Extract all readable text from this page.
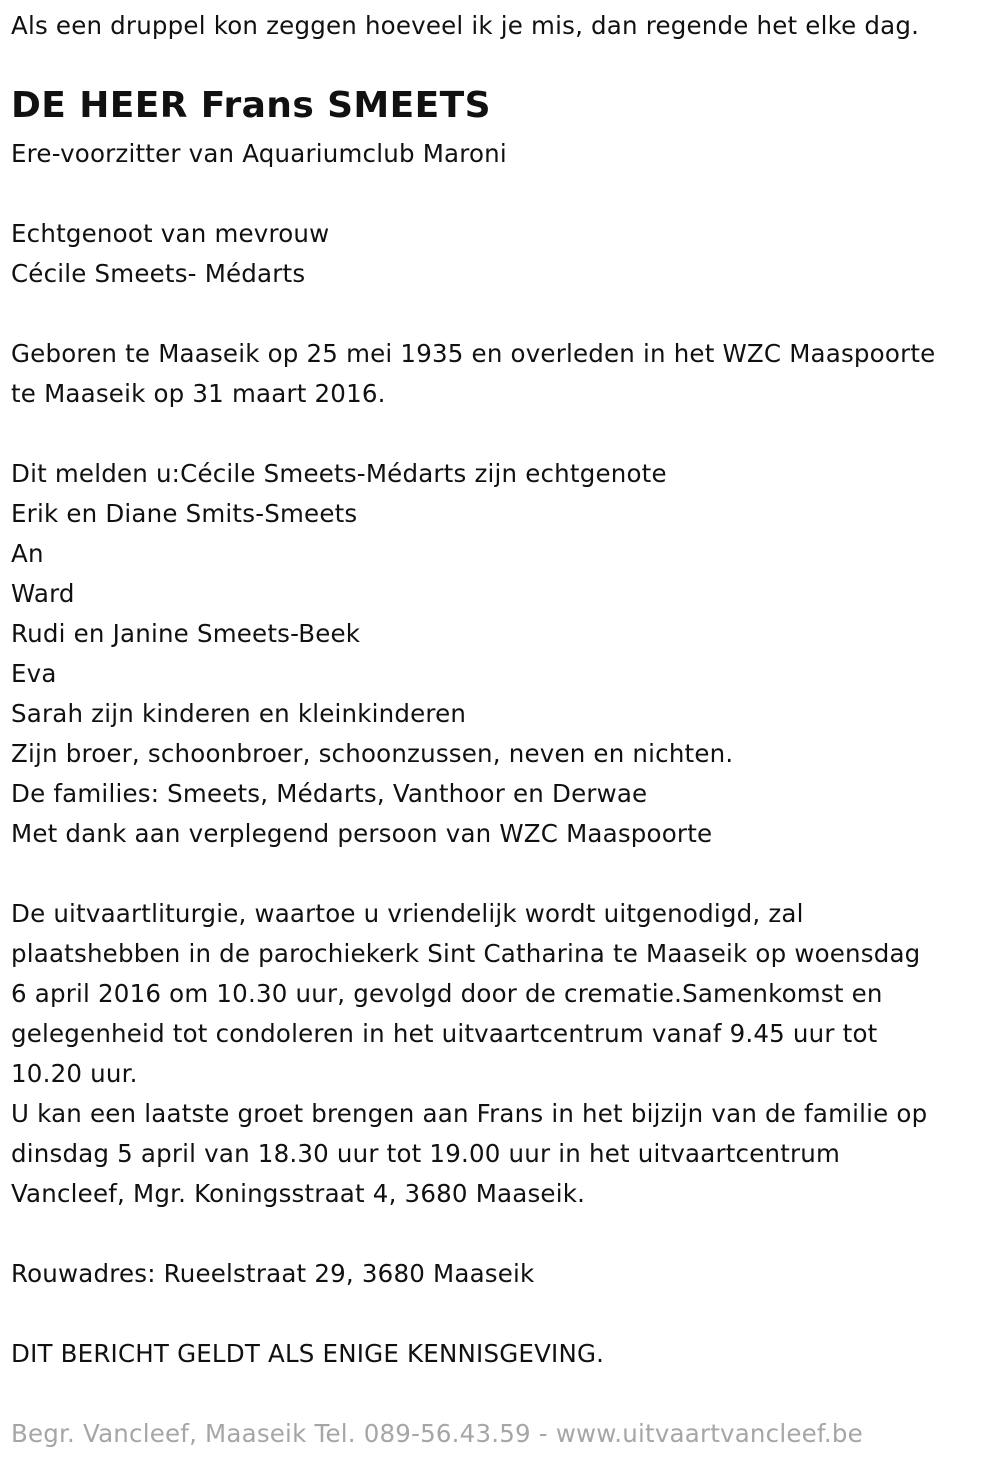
Als een druppel kon zeggen hoeveel ik je mis, dan regende het elke dag.
DE HEER Frans SMEETS
Ere-voorzitter van Aquariumclub Maroni
Echtgenoot van mevrouw
Cécile Smeets- Médarts
Geboren te Maaseik op 25 mei 1935 en overleden in het WZC Maaspoorte
te Maaseik op 31 maart 2016.
Dit melden u:Cécile Smeets-Médarts zijn echtgenote
Erik en Diane Smits-Smeets
An
Ward
Rudi en Janine Smeets-Beek
Eva
Sarah zijn kinderen en kleinkinderen
Zijn broer, schoonbroer, schoonzussen, neven en nichten.
De families: Smeets, Médarts, Vanthoor en Derwae
Met dank aan verplegend persoon van WZC Maaspoorte
De uitvaartliturgie, waartoe u vriendelijk wordt uitgenodigd, zal
plaatshebben in de parochiekerk Sint Catharina te Maaseik op woensdag
6 april 2016 om 10.30 uur, gevolgd door de crematie.Samenkomst en
gelegenheid tot condoleren in het uitvaartcentrum vanaf 9.45 uur tot
10.20 uur.
U kan een laatste groet brengen aan Frans in het bijzijn van de familie op
dinsdag 5 april van 18.30 uur tot 19.00 uur in het uitvaartcentrum
Vancleef, Mgr. Koningsstraat 4, 3680 Maaseik.
Rouwadres: Rueelstraat 29, 3680 Maaseik
DIT BERICHT GELDT ALS ENIGE KENNISGEVING.
Begr. Vancleef, Maaseik Tel. 089-56.43.59 - www.uitvaartvancleef.be
